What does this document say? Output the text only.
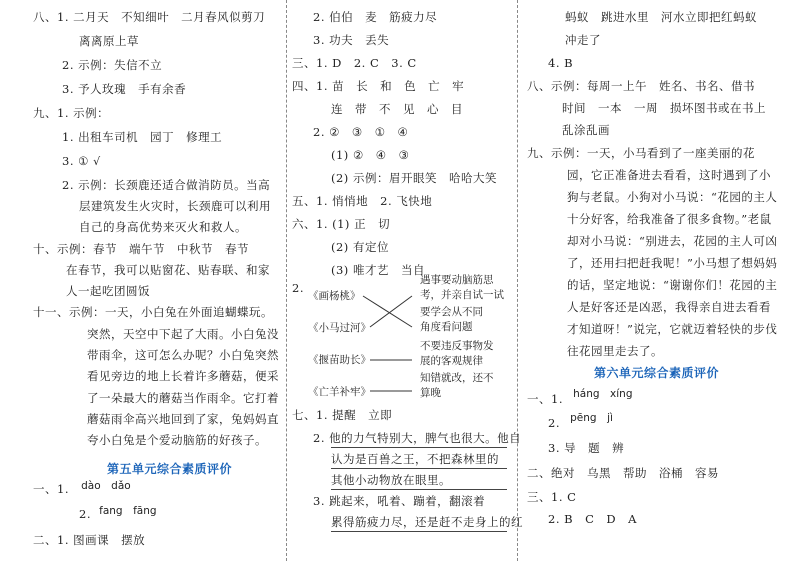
八、1. 二月天　不知细叶　二月春风似剪刀
离离原上草
2. 示例：失信不立
3. 予人玫瑰　手有余香
九、1. 示例：
1. 出租车司机　园丁　修理工
3. ① √
2. 示例：长颈鹿还适合做消防员。当高
层建筑发生火灾时，长颈鹿可以利用
自己的身高优势来灭火和救人。
十、示例：春节　端午节　中秋节　春节
在春节，我可以贴窗花、贴春联、和家
人一起吃团圆饭
十一、示例：一天，小白兔在外面追蝴蝶玩。
突然，天空中下起了大雨。小白兔没
带雨伞，这可怎么办呢？小白兔突然
看见旁边的地上长着许多蘑菇，便采
了一朵最大的蘑菇当作雨伞。它打着
蘑菇雨伞高兴地回到了家，兔妈妈直
夸小白兔是个爱动脑筋的好孩子。
第五单元综合素质评价
一、1. dào　dǎo
2. fang　fāng
二、1. 图画课　摆放
2. 伯伯　麦　筋疲力尽
3. 功夫　丢失
三、1. D　2. C　3. C
四、1. 苗　长　和　色　亡　牢
连　带　不　见　心　目
2. ②　③　①　④
(1) ②　④　③
(2) 示例：眉开眼笑　哈哈大笑
五、1. 悄悄地　2. 飞快地
六、1. (1) 正　切
(2) 有定位
(3) 唯才艺　当自
2.
《画杨桃》
《小马过河》
《揠苗助长》
《亡羊补牢》
遇事要动脑筋思
考，并亲自试一试
要学会从不同
角度看问题
不要违反事物发
展的客观规律
知错就改，还不
算晚
七、1. 提醒　立即
2. 他的力气特别大，脾气也很大。他自
认为是百兽之王，不把森林里的
其他小动物放在眼里。
3. 跳起来，吼着、蹦着，翻滚着
累得筋疲力尽，还是赶不走身上的红
蚂蚁　跳进水里　河水立即把红蚂蚁
冲走了
4. B
八、示例：每周一上午　姓名、书名、借书
时间　一本　一周　损坏图书或在书上
乱涂乱画
九、示例：一天，小马看到了一座美丽的花
园，它正准备进去看看，这时遇到了小
狗与老鼠。小狗对小马说：“花园的主人
十分好客，给我准备了很多食物。”老鼠
却对小马说：“别进去，花园的主人可凶
了，还用扫把赶我呢！”小马想了想妈妈
的话，坚定地说：“谢谢你们！花园的主
人是好客还是凶恶，我得亲自进去看看
才知道呀！”说完，它就迈着轻快的步伐
往花园里走去了。
第六单元综合素质评价
一、1. háng　xíng
2. pēng　jì
3. 导　题　辨
二、绝对　乌黑　帮助　浴桶　容易
三、1. C
2. B　C　D　A
